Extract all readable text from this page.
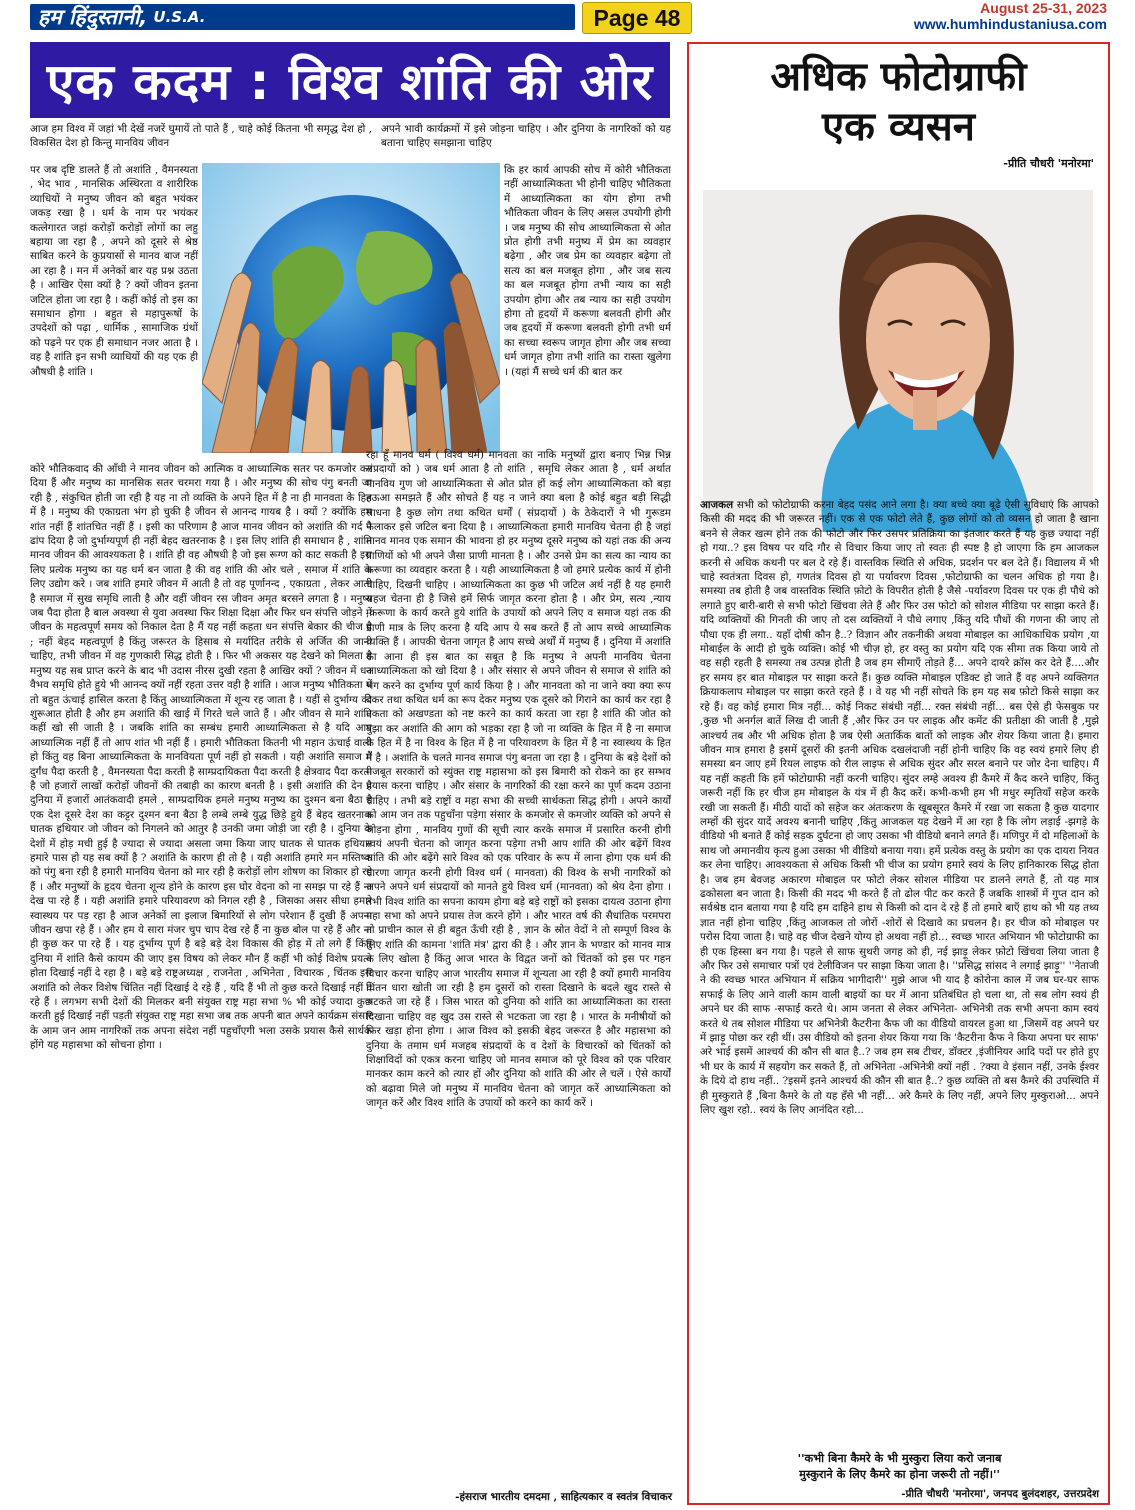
हम हिंदुस्तानी, U.S.A.	Page 48	August 25-31, 2023
www.humhindustaniusa.com
एक कदम : विश्व शांति की ओर

आज हम विश्व में जहां भी देखें नजरें घुमायें तो पाते हैं , चाहे कोई कितना भी समृद्ध देश हो , विकसित देश हो किन्तु मानविय जीवन

पर जब दृष्टि डालते हैं तो अशांति , वैमनस्यता , भेद भाव , मानसिक अस्थिरता व शारीरिक व्याधियों ने मनुष्य जीवन को बहुत भयंकर जकड़ रखा है । धर्म के नाम पर भयंकर कत्लेगारत जहां करोड़ों करोड़ों लोगों का लहु बहाया जा रहा है , अपने को दूसरे से श्रेष्ठ साबित करने के कुप्रयासों से मानव बाज नहीं आ रहा है । मन में अनेकों बार यह प्रश्न उठता है । आखिर ऐसा क्यों है ? क्यों जीवन इतना जटिल होता जा रहा है । कहीं कोई तो इस का समाधान होगा । बहुत से महापुरूषों के उपदेशों को पढ़ा , धार्मिक , सामाजिक ग्रंथों को पढ़ने पर एक ही समाधान नजर आता है । वह है शांति इन सभी व्याधियों की यह एक ही औषधी है शांति ।

कोरे भौतिकवाद की आँधी ने मानव जीवन को आत्मिक व आध्यात्मिक सतर पर कमजोर कर दिया हैं और मनुष्य का मानसिक सतर चरमरा गया है । और मनुष्य की सोच पंगु बनती जा रही है , संकुचित होती जा रही है यह ना तो व्यक्ति के अपने हित में है ना ही मानवता के हित में है । मनुष्य की एकाग्रता भंग हो चुकी है जीवन से आनन्द गायब है । क्यों ? क्योंकि हम शांत नहीं हैं शांतचित नहीं हैं । इसी का परिणाम है आज मानव जीवन को अशांति की गर्द ने ढांप दिया है जो दुर्भाग्यपूर्ण ही नहीं बेहद खतरनाक है । इस लिए शांति ही समाधान है , शांति मानव जीवन की आवश्यकता है । शांति ही वह औषधी है जो इस रूग्ण को काट सकती है इस लिए प्रत्येक मनुष्य का यह धर्म बन जाता है की वह शांति की ओर चले , समाज में शांति के लिए उद्योग करे । जब शांति हमारे जीवन में आती है तो वह पूर्णानन्द , एकाग्रता , लेकर आती है समाज में सुख समृधि लाती है और वहीं जीवन रस जीवन अमृत बरसने लगता है । मनुष्य जब पैदा होता है बाल अवस्था से युवा अवस्था फिर शिक्षा दिक्षा और फिर धन संपत्ति जोड़ने में जीवन के महत्वपूर्ण समय को निकाल देता है मैं यह नहीं कहता धन संपत्ति बेकार की चीज है ; नहीं बेहद महत्वपूर्ण है किंतु जरूरत के हिसाब से मर्यादित तरीके से अर्जित की जानी चाहिए, तभी जीवन में वह गुणकारी सिद्ध होती है । फिर भी अकसर यह देखने को मिलता है मनुष्य यह सब प्राप्त करने के बाद भी उदास नीरस दुखी रहता है आखिर क्यों ? जीवन में धन वैभव समृधि होते हुये भी आनन्द क्यों नहीं रहता उत्तर वही है शांति । आज मनुष्य भौतिकता में तो बहुत ऊंचाई हासिल करता है किंतु आध्यात्मिकता में शून्य रह जाता है । यहीं से दुर्भाग्य की शुरूआत होती है और हम अशांति की खाई में गिरते चले जाते हैं । और जीवन से माने शांति कहीं खो सी जाती है । जबकि शांति का सम्बंध हमारी आध्यात्मिकता से है यदि आप आध्यात्मिक नहीं हैं तो आप शांत भी नहीं हैं । हमारी भौतिकता कितनी भी महान ऊंचाई वाली हो किंतु वह बिना आध्यात्मिकता के मानवियता पूर्ण नहीं हो सकती । यही अशांति समाज में दुर्गंध पैदा करती है , वैमनस्यता पैदा करती है साम्प्रदायिकता पैदा करती है क्षेत्रवाद पैदा करती है जो हजारों लाखों करोड़ों जीवनों की तबाही का कारण बनती है । इसी अशांति की देन है दुनिया में हजारों आतंकवादी हमले , साम्प्रदायिक हमले मनुष्य मनुष्य का दुश्मन बना बैठा है एक देश दूसरे देश का कट्टर दुश्मन बना बैठा है लम्बे लम्बे युद्ध छिड़े हुये हैं बेहद खतरनाक घातक हथियार जो जीवन को निगलने को आतुर है उनकी जमा जोड़ी जा रही है । दुनिया के देशों में होड़ मची हुई है ज्यादा से ज्यादा असला जमा किया जाए घातक से घातक हथियार हमारे पास हो यह सब क्यों है ? अशांति के कारण ही तो है । यही अशांति हमारे मन मस्तिष्क को पंगु बना रही है हमारी मानविय चेतना को मार रही है करोड़ों लोग शोषण का शिकार हो रहे हैं । और मनुष्यों के हृदय चेतना शून्य होने के कारण इस घोर वेदना को ना समझ पा रहे हैं ना देख पा रहे हैं । यही अशांति हमारे परियावरण को निगल रही है , जिसका असर सीधा हमारे स्वास्थय पर पड़ रहा है आज अनेकों ला इलाज बिमारियों से लोग परेशान हैं दुखी हैं अपना जीवन खपा रहे हैं । और हम ये सारा मंजर चुप चाप देख रहे हैं ना कुछ बोल पा रहे हैं और ना ही कुछ कर पा रहे हैं । यह दुर्भाग्य पूर्ण है बड़े बड़े देश विकास की होड़ में तो लगे हैं किंतु दुनिया में शांति कैसे कायम की जाए इस विषय को लेकर मौन हैं कहीं भी कोई विशेष प्रयत्न होता दिखाई नहीं दे रहा है । बड़े बड़े राष्ट्रअध्यक्ष , राजनेता , अभिनेता , विचारक , चिंतक इस अशांति को लेकर विशेष चिंतित नहीं दिखाई दे रहे हैं , यदि हैं भी तो कुछ करते दिखाई नहीं दे रहे हैं । लगभग सभी देशों की मिलकर बनी संयुक्त राष्ट्र महा सभा % भी कोई ज्यादा कुछ करती हुई दिखाई नहीं पड़ती संयुक्त राष्ट्र महा सभा जब तक अपनी बात अपने कार्यक्रम संसार के आम जन आम नागरिकों तक अपना संदेश नहीं पहुचाँएगी भला उसके प्रयास कैसे सार्थक होंगे यह महासभा को सोचना होगा ।

अपने भावी कार्यक्रमों में इसे जोड़ना चाहिए । और दुनिया के नागरिकों को यह बताना चाहिए समझाना चाहिए

कि हर कार्य आपकी सोच में कोरी भौतिकता नहीं आध्यात्मिकता भी होनी चाहिए भौतिकता में आध्यात्मिकता का योग होगा तभी भौतिकता जीवन के लिए असल उपयोगी होगी । जब मनुष्य की सोच आध्यात्मिकता से ओत प्रोत होगी तभी मनुष्य में प्रेम का व्यवहार बढ़ेगा , और जब प्रेम का व्यवहार बढ़ेगा तो सत्य का बल मजबूत होगा , और जब सत्य का बल मजबूत होगा तभी न्याय का सही उपयोग होगा और तब न्याय का सही उपयोग होगा तो हृदयों में करूणा बलवती होगी और जब हृदयों में करूणा बलवती होगी तभी धर्म का सच्चा स्वरूप जागृत होगा और जब सच्चा धर्म जागृत होगा तभी शांति का रास्ता खुलेगा । (यहां मैं सच्चे धर्म की बात कर

रहा हूँ मानव धर्म ( विश्व धर्म) मानवता का नाकि मनुष्यों द्वारा बनाए भिन्न भिन्न संप्रदायों को ) जब धर्म आता है तो शांति , समृधि लेकर आता है , धर्म अर्थात मानविय गुण जो आध्यात्मिकता से ओत प्रोत हों कई लोग आध्यात्मिकता को बड़ा हऊआ समझते हैं और सोचते हैं यह न जाने क्या बला है कोई बहुत बड़ी सिद्धी साधना है कुछ लोग तथा कथित धर्मों ( संप्रदायों ) के ठेकेदारों ने भी गुरूडम फैलाकर इसे जटिल बना दिया है । आध्यात्मिकता हमारी मानविय चेतना ही है जहां मानव मानव एक समान की भावना हो हर मनुष्य दूसरे मनुष्य को यहां तक की अन्य प्राणियों को भी अपने जैसा प्राणी मानता है । और उनसे प्रेम का सत्य का न्याय का करूणा का व्यवहार करता है । यही आध्यात्मिकता है जो हमारे प्रत्येक कार्य में होनी चाहिए, दिखनी चाहिए । आध्यात्मिकता का कुछ भी जटिल अर्थ नहीं है यह हमारी सहज चेतना ही है जिसे हमें सिर्फ जागृत करना होता है । और प्रेम, सत्य ,न्याय ,करूणा के कार्य करते हुये शांति के उपायों को अपने लिए व समाज यहां तक की प्राणी मात्र के लिए करना है यदि आप ये सब करते हैं तो आप सच्चे आध्यात्मिक व्यक्ति हैं । आपकी चेतना जागृत है आप सच्चे अर्थों में मनुष्य हैं । दुनिया में अशांति का आना ही इस बात का सबूत है कि मनुष्य ने अपनी मानविय चेतना आध्यात्मिकता को खो दिया है । और संसार से अपने जीवन से समाज से शांति को भंग करने का दुर्भाग्य पूर्ण कार्य किया है । और मानवता को ना जाने क्या क्या रूप देकर तथा कथित धर्म का रूप देकर मनुष्य एक दूसरे को गिराने का कार्य कर रहा है एकता को अखण्डता को नष्ट करने का कार्य करता जा रहा है शांति की जोत को बुझा कर अशांति की आग को भड़का रहा है जो ना व्यक्ति के हित में है ना समाज के हित में है ना विश्व के हित में है ना परियावरण के हित में है ना स्वास्थय के हित में है । अशांति के चलते मानव समाज पंगु बनता जा रहा है । दुनिया के बड़े देशों को मजबूत सरकारों को स्युंक्त राष्ट्र महासभा को इस बिमारी को रोकने का हर सम्भव प्रयास करना चाहिए । और संसार के नागरिकों की रक्षा करने का पूर्ण कदम उठाना चाहिए । तभी बड़े राष्ट्रों व महा सभा की सच्ची सार्थकता सिद्ध होगी । अपने कार्यों को आम जन तक पहुचाँना पड़ेगा संसार के कमजोर से कमजोर व्यक्ति को अपने से जोड़ना होगा , मानविय गुणों की सूची त्यार करके समाज में प्रसारित करनी होगी स्वयं अपनी चेतना को जागृत करना पड़ेगा तभी आप शांति की ओर बढ़ेंगें विश्व शांति की ओर बढ़ेंगे सारे विश्व को एक परिवार के रूप में लाना होगा एक धर्म की धारणा जागृत करनी होगी विश्व धर्म ( मानवता) की विश्व के सभी नागरिकों को अपने अपने धर्म संप्रदायों को मानते हुये विश्व धर्म (मानवता) को श्रेय देना होगा । तभी विश्व शांति का सपना कायम होगा बड़े बड़े राष्ट्रों को इसका दायत्व उठाना होगा महा सभा को अपने प्रयास तेज करने होंगे । और भारत वर्ष की सैधांतिक परमपरा तो प्राचीन काल से ही बहुत ऊँची रही है , ज्ञान के स्रोत वेदों ने तो सम्पूर्ण विश्व के लिए शांति की कामना 'शांति मंत्र' द्वारा की है । और ज्ञान के भण्डार को मानव मात्र के लिए खोला है किंतु आज भारत के विद्वत जनों को चिंतकों को इस पर गहन विचार करना चाहिए आज भारतीय समाज में शून्यता आ रही है क्यों हमारी मानविय चिंतन धारा खोती जा रही है हम दूसरों को रास्ता दिखाने के बदले खुद रास्ते से भटकते जा रहे हैं । जिस भारत को दुनिया को शांति का आध्यात्मिकता का रास्ता दिखाना चाहिए वह खुद उस रास्ते से भटकता जा रहा है । भारत के मनीषीयों को फिर खड़ा होना होगा । आज विश्व को इसकी बेहद जरूरत है और महासभा को दुनिया के तमाम धर्म मजहब संप्रदायों के व देशों के विचारकों को चिंतकों को शिक्षाविदों को एकत्र करना चाहिए जो मानव समाज को पूरे विश्व को एक परिवार मानकर काम करने को त्यार हों और दुनिया को शांति की ओर ले चलें । ऐसे कार्यों को बढ़ावा मिले जो मनुष्य में मानविय चेतना को जागृत करें आध्यात्मिकता को जागृत करें और विश्व शांति के उपायों को करने का कार्य करें ।

-हंसराज भारतीय दमदमा , साहित्यकार व स्वतंत्र विचाकर
अधिक फोटोग्राफी
एक व्यसन
-प्रीति चौधरी 'मनोरमा'

आजकल सभी को फोटोग्राफी करना बेहद पसंद आने लगा है। क्या बच्चे क्या बूढ़े ऐसी सुविधाएं कि आपको किसी की मदद की भी जरूरत नहीं। एक से एक फोटो लेते हैं, कुछ लोगों को तो व्यसन हो जाता है खाना बनने से लेकर खत्म होने तक की फोटो और फिर उसपर प्रतिक्रिया का इंतजार करते हैं यह कुछ ज्यादा नहीं हो गया..? इस विषय पर यदि गौर से विचार किया जाए तो स्वतः ही स्पष्ट है हो जाएगा कि हम आजकल करनी से अधिक कथनी पर बल दे रहे हैं। वास्तविक स्थिति से अधिक, प्रदर्शन पर बल देते हैं। विद्यालय में भी चाहे स्वतंत्रता दिवस हो, गणतंत्र दिवस हो या पर्यावरण दिवस ,फोटोग्राफी का चलन अधिक हो गया है। समस्या तब होती है जब वास्तविक स्थिति फ़ोटो के विपरीत होती है जैसे -पर्यावरण दिवस पर एक ही पौधे को लगाते हुए बारी-बारी से सभी फोटो खिंचवा लेते हैं और फिर उस फोटो को सोशल मीडिया पर साझा करते हैं। यदि व्यक्तियों की गिनती की जाए तो दस व्यक्तियों ने पौधे लगाए ,किंतु यदि पौधों की गणना की जाए तो पौधा एक ही लगा.. यहाँ दोषी कौन है..? विज्ञान और तकनीकी अथवा मोबाइल का आधिकाधिक प्रयोग ,या मोबाईल के आदी हो चुके व्यक्ति। कोई भी चीज़ हो, हर वस्तु का प्रयोग यदि एक सीमा तक किया जाये तो वह सही रहती है समस्या तब उत्पन्न होती है जब हम सीमाएँ तोड़ते हैं... अपने दायरे क्रॉस कर देते हैं....और हर समय हर बात मोबाइल पर साझा करते हैं। कुछ व्यक्ति मोबाइल एडिक्ट हो जाते हैं वह अपने व्यक्तिगत क्रियाकलाप मोबाइल पर साझा करते रहते हैं । वे यह भी नहीं सोचते कि हम यह सब फ़ोटो किसे साझा कर रहे हैं। वह कोई हमारा मित्र नहीं... कोई निकट संबंधी नहीं... रक्त संबंधी नहीं... बस ऐसे ही फेसबुक पर ,कुछ भी अनर्गल बातें लिख दी जाती हैं ,और फिर उन पर लाइक और कमेंट की प्रतीक्षा की जाती है ,मुझे आश्चर्य तब और भी अधिक होता है जब ऐसी अतार्किक बातों को लाइक और शेयर किया जाता है। हमारा जीवन मात्र हमारा है इसमें दूसरों की इतनी अधिक दखलंदाजी नहीं होनी चाहिए कि वह स्वयं हमारे लिए ही समस्या बन जाए हमें रियल लाइफ को रील लाइफ से अधिक सुंदर और सरल बनाने पर जोर देना चाहिए। मैं यह नहीं कहती कि हमें फोटोग्राफी नहीं करनी चाहिए। सुंदर लम्हे अवश्य ही कैमरे में कैद करने चाहिए, किंतु जरूरी नहीं कि हर चीज हम मोबाइल के यंत्र में ही कैद करें। कभी-कभी हम भी मधुर स्मृतियाँ सहेज करके रखी जा सकती हैं। मीठी यादों को सहेज कर अंतःकरण के खूबसूरत कैमरे में रखा जा सकता है कुछ यादगार लम्हों की सुंदर यादें अवश्य बनानी चाहिए ,किंतु आजकल यह देखने में आ रहा है कि लोग लड़ाई -झगड़े के वीडियो भी बनाते हैं कोई सड़क दुर्घटना हो जाए उसका भी वीडियो बनाने लगते हैं। मणिपुर में दो महिलाओं के साथ जो अमानवीय कृत्य हुआ उसका भी वीडियो बनाया गया। हमें प्रत्येक वस्तु के प्रयोग का एक दायरा नियत कर लेना चाहिए। आवश्यकता से अधिक किसी भी चीज का प्रयोग हमारे स्वयं के लिए हानिकारक सिद्ध होता है। जब हम बेवजह अकारण मोबाइल पर फोटो लेकर सोशल मीडिया पर डालने लगते हैं, तो यह मात्र ढकोसला बन जाता है। किसी की मदद भी करते हैं तो ढोल पीट कर करते हैं जबकि शास्त्रों में गुप्त दान को सर्वश्रेष्ठ दान बताया गया है यदि हम दाहिने हाथ से किसी को दान दे रहे हैं तो हमारे बाएँ हाथ को भी यह तथ्य ज्ञात नहीं होना चाहिए ,किंतु आजकल तो जोरों -शोरों से दिखावे का प्रचलन है। हर चीज को मोबाइल पर परोस दिया जाता है। चाहे वह चीज देखने योग्य हो अथवा नहीं हो... स्वच्छ भारत अभियान भी फोटोग्राफी का ही एक हिस्सा बन गया है। पहले से साफ सुथरी जगह को ही, नई झाड़ू लेकर फ़ोटो खिंचवा लिया जाता है और फिर उसे समाचार पत्रों एवं टेलीविजन पर साझा किया जाता है। ''प्रसिद्ध सांसद ने लगाई झाड़ू'' ''नेताजी ने की स्वच्छ भारत अभियान में सक्रिय भागीदारी'' मुझे आज भी याद है कोरोना काल में जब घर-घर साफ सफाई के लिए आने वाली काम वाली बाइयों का घर में आना प्रतिबंधित हो चला था, तो सब लोग स्वयं ही अपने घर की साफ -सफाई करते थे। आम जनता से लेकर अभिनेता- अभिनेत्री तक सभी अपना काम स्वयं करते थे तब सोशल मीडिया पर अभिनेत्री कैटरीना कैफ जी का वीडियो वायरल हुआ था ,जिसमें वह अपने घर में झाड़ू पोछा कर रही थीं। उस वीडियो को इतना शेयर किया गया कि 'कैटरीना कैफ ने किया अपना घर साफ' अरे भाई इसमें आश्चर्य की कौन सी बात है..? जब हम सब टीचर, डॉक्टर ,इंजीनियर आदि पदों पर होते हुए भी घर के कार्य में सहयोग कर सकते हैं, तो अभिनेता -अभिनेत्री क्यों नहीं . ?क्या वे इंसान नहीं, उनके ईश्वर के दिये दो हाथ नहीं.. ?इसमें इतने आश्चर्य की कौन सी बात है..? कुछ व्यक्ति तो बस कैमरे की उपस्थिति में ही मुस्कुराते हैं ,बिना कैमरे के तो यह हँसे भी नहीं... अरे कैमरे के लिए नहीं, अपने लिए मुस्कुराओ... अपने लिए खुश रहो.. स्वयं के लिए आनंदित रहो...

''कभी बिना कैमरे के भी मुस्कुरा लिया करो जनाब
मुस्कुराने के लिए कैमरे का होना जरूरी तो नहीं।''
-प्रीति चौधरी 'मनोरमा', जनपद बुलंदशहर, उत्तरप्रदेश
